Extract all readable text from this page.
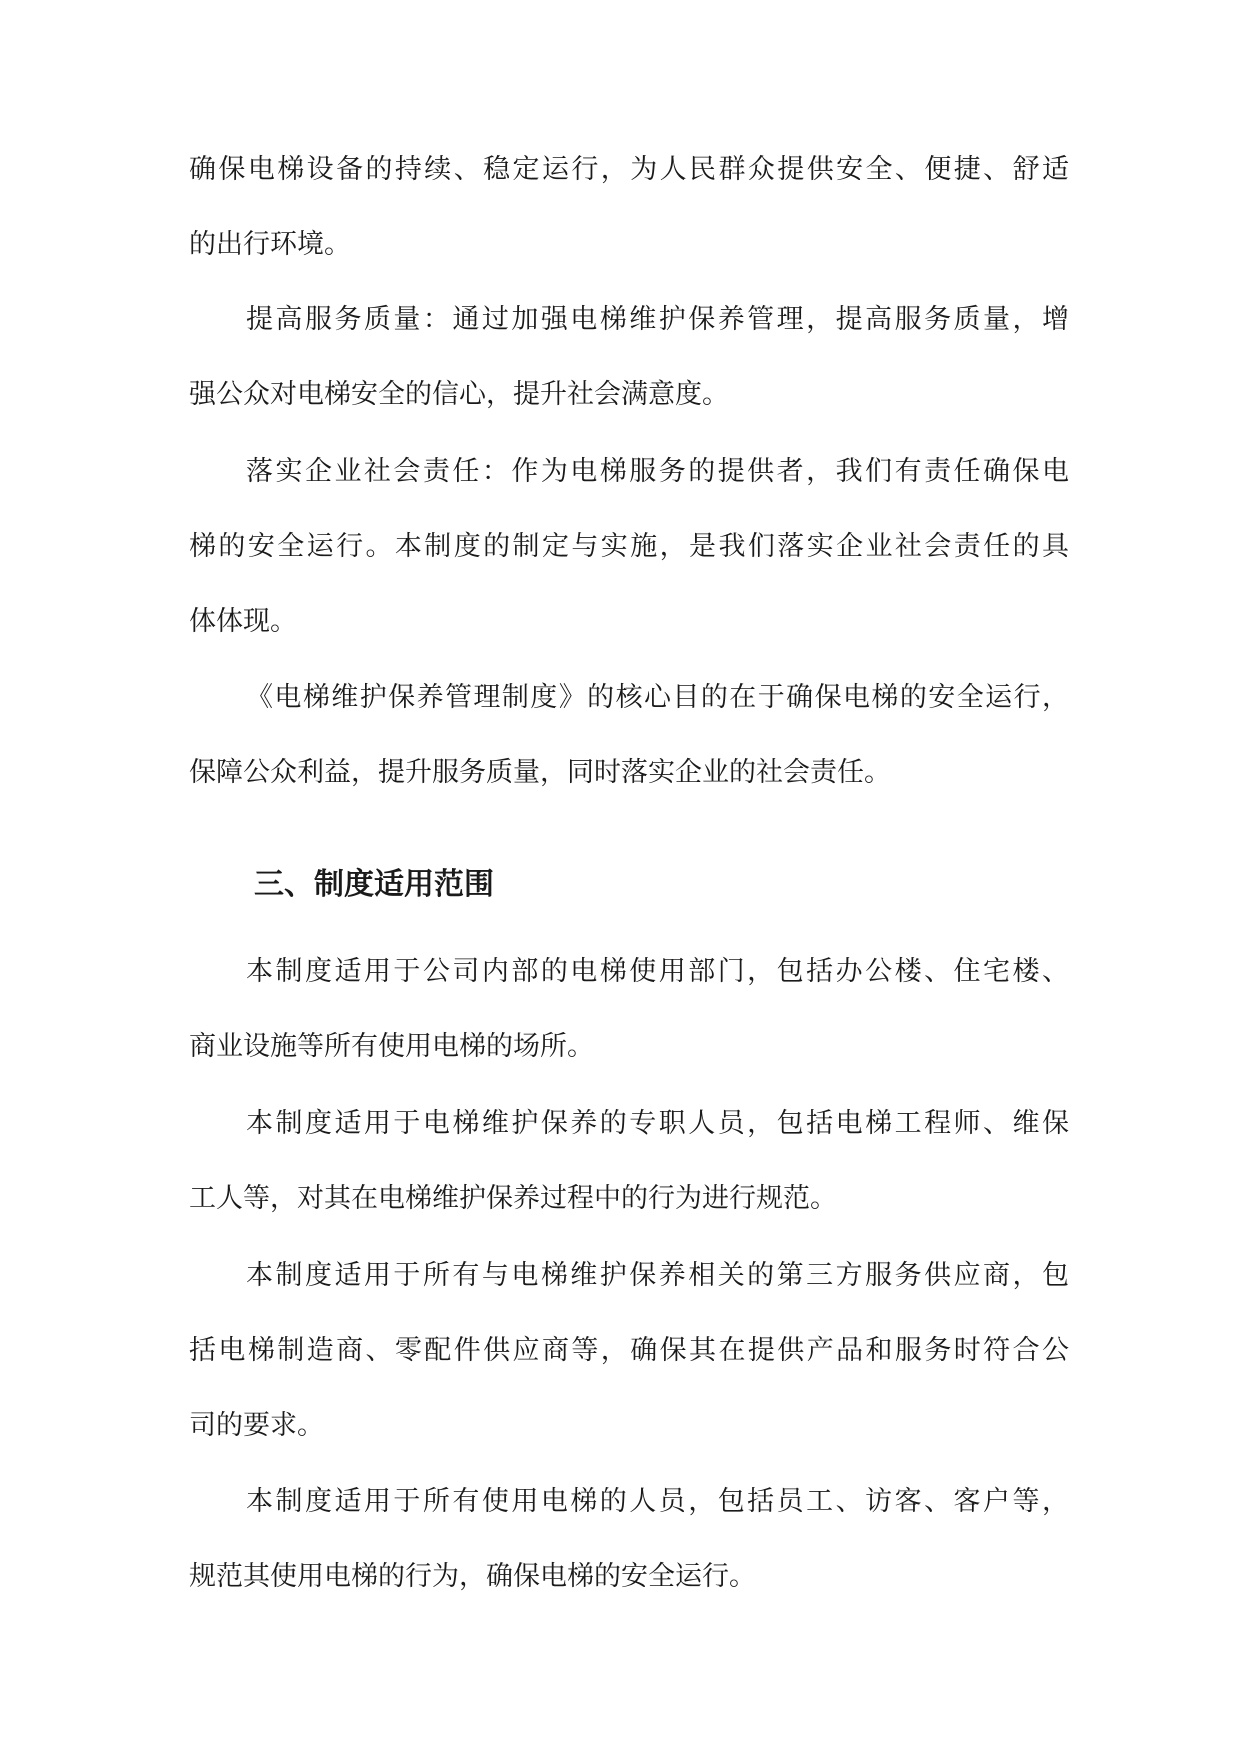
确保电梯设备的持续、稳定运行，为人民群众提供安全、便捷、舒适
的出行环境。
提高服务质量：通过加强电梯维护保养管理，提高服务质量，增
强公众对电梯安全的信心，提升社会满意度。
落实企业社会责任：作为电梯服务的提供者，我们有责任确保电
梯的安全运行。本制度的制定与实施，是我们落实企业社会责任的具
体体现。
《电梯维护保养管理制度》的核心目的在于确保电梯的安全运行，
保障公众利益，提升服务质量，同时落实企业的社会责任。
三、制度适用范围
本制度适用于公司内部的电梯使用部门，包括办公楼、住宅楼、
商业设施等所有使用电梯的场所。
本制度适用于电梯维护保养的专职人员，包括电梯工程师、维保
工人等，对其在电梯维护保养过程中的行为进行规范。
本制度适用于所有与电梯维护保养相关的第三方服务供应商，包
括电梯制造商、零配件供应商等，确保其在提供产品和服务时符合公
司的要求。
本制度适用于所有使用电梯的人员，包括员工、访客、客户等，
规范其使用电梯的行为，确保电梯的安全运行。
